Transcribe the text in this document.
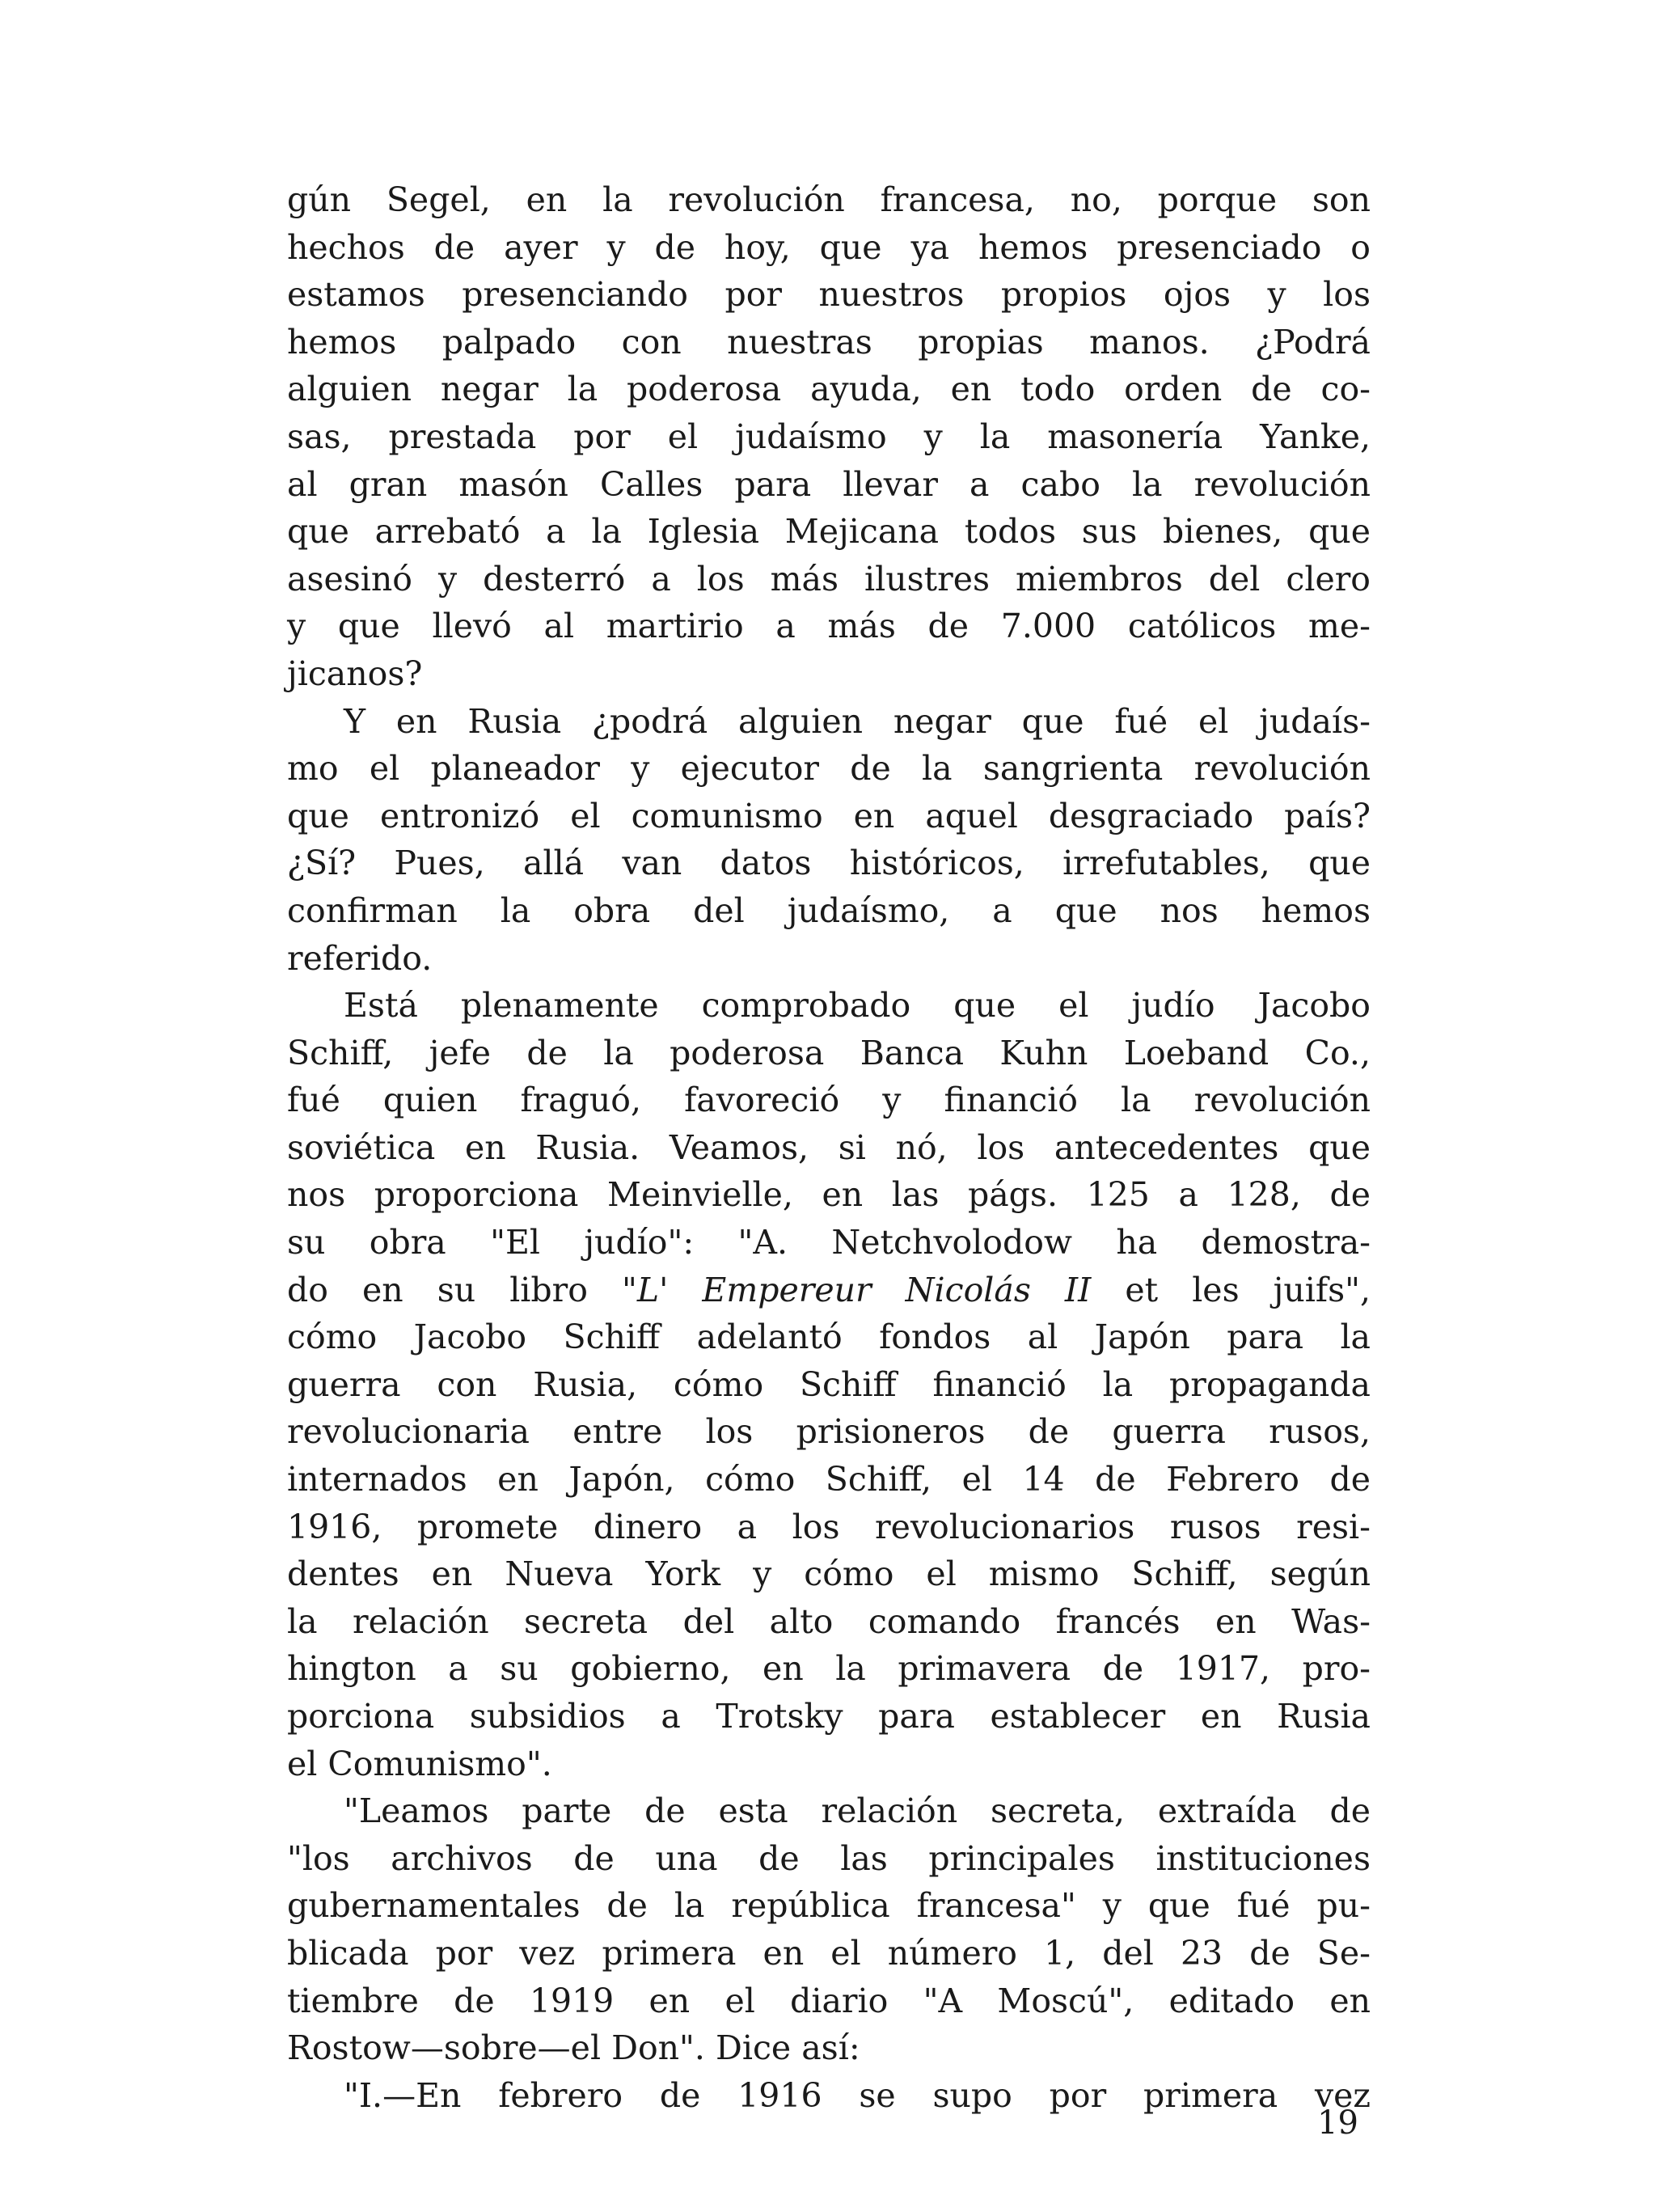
gún Segel, en la revolución francesa, no, porque son
hechos de ayer y de hoy, que ya hemos presenciado o
estamos presenciando por nuestros propios ojos y los
hemos palpado con nuestras propias manos. ¿Podrá
alguien negar la poderosa ayuda, en todo orden de co-
sas, prestada por el judaísmo y la masonería Yanke,
al gran masón Calles para llevar a cabo la revolución
que arrebató a la Iglesia Mejicana todos sus bienes, que
asesinó y desterró a los más ilustres miembros del clero
y que llevó al martirio a más de 7.000 católicos me-
jicanos?
Y en Rusia ¿podrá alguien negar que fué el judaís-
mo el planeador y ejecutor de la sangrienta revolución
que entronizó el comunismo en aquel desgraciado país?
¿Sí? Pues, allá van datos históricos, irrefutables, que
confirman la obra del judaísmo, a que nos hemos
referido.
Está plenamente comprobado que el judío Jacobo
Schiff, jefe de la poderosa Banca Kuhn Loeband Co.,
fué quien fraguó, favoreció y financió la revolución
soviética en Rusia. Veamos, si nó, los antecedentes que
nos proporciona Meinvielle, en las págs. 125 a 128, de
su obra "El judío": "A. Netchvolodow ha demostra-
do en su libro "L' Empereur Nicolás II et les juifs",
cómo Jacobo Schiff adelantó fondos al Japón para la
guerra con Rusia, cómo Schiff financió la propaganda
revolucionaria entre los prisioneros de guerra rusos,
internados en Japón, cómo Schiff, el 14 de Febrero de
1916, promete dinero a los revolucionarios rusos resi-
dentes en Nueva York y cómo el mismo Schiff, según
la relación secreta del alto comando francés en Was-
hington a su gobierno, en la primavera de 1917, pro-
porciona subsidios a Trotsky para establecer en Rusia
el Comunismo".
"Leamos parte de esta relación secreta, extraída de
"los archivos de una de las principales instituciones
gubernamentales de la república francesa" y que fué pu-
blicada por vez primera en el número 1, del 23 de Se-
tiembre de 1919 en el diario "A Moscú", editado en
Rostow—sobre—el Don". Dice así:
"I.—En febrero de 1916 se supo por primera vez
19
